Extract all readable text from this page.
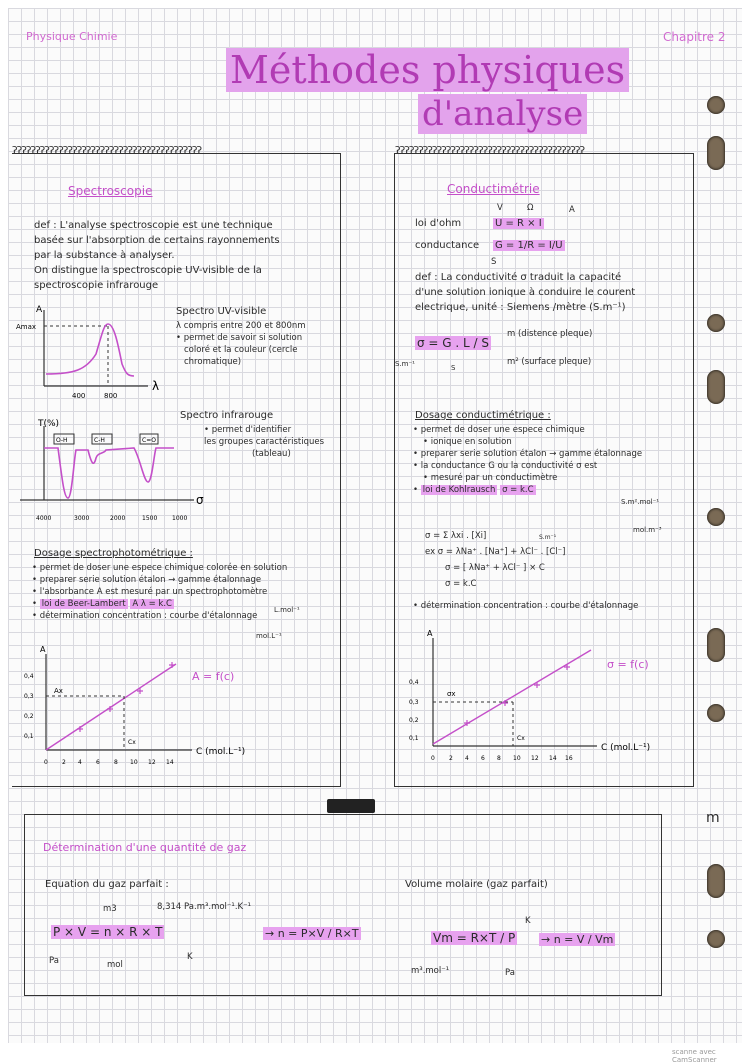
Physique Chimie	Chapitre 2
Méthodes physiques
d'analyse
m
ʔʔʔʔʔʔʔʔʔʔʔʔʔʔʔʔʔʔʔʔʔʔʔʔʔʔʔʔʔʔʔʔʔʔʔʔʔʔʔʔʔ
Spectroscopie
def : L'analyse spectroscopie est une technique
basée sur l'absorption de certains rayonnements
par la substance à analyser.
On distingue la spectroscopie UV-visible de la
spectroscopie infrarouge
A
Amax
λ
400	800
Spectro UV-visible
λ compris entre 200 et 800nm
• permet de savoir si solution
coloré et la couleur (cercle
chromatique)
O-H	C-H	C=O
T(%)
σ
4000	3000	2000	1500 1000
Spectro infrarouge
• permet d'identifier
les groupes caractéristiques
(tableau)
Dosage spectrophotométrique :
• permet de doser une espece chimique colorée en solution
• preparer serie solution étalon → gamme étalonnage
• l'absorbance A est mesuré par un spectrophotomètre
• loi de Beer-Lambert A λ = k.C
• détermination concentration : courbe d'étalonnage
L.mol⁻¹
mol.L⁻¹
A
Ax
Cx
A = f(c)
C (mol.L⁻¹)
0,4
0,3
0,2
0,1
0 2 4 6 8 10 12 14
ʔʔʔʔʔʔʔʔʔʔʔʔʔʔʔʔʔʔʔʔʔʔʔʔʔʔʔʔʔʔʔʔʔʔʔʔʔʔʔʔʔ
Conductimétrie
loi d'ohm	U = R × I
V	Ω	A
conductance G = 1/R = I/U
S
def : La conductivité σ traduit la capacité
d'une solution ionique à conduire le courent
electrique, unité : Siemens /mètre (S.m⁻¹)
σ = G . L / S
m (distence pleque)
m² (surface pleque)
S.m⁻¹	S
Dosage conductimétrique :
• permet de doser une espece chimique
• ionique en solution
• preparer serie solution étalon → gamme étalonnage
• la conductance G ou la conductivité σ est
• mesuré par un conductimètre
• loi de Kohlrausch σ = k.C
S.m².mol⁻¹
mol.m⁻³
σ = Σ λxi . [Xi]	S.m⁻¹
ex σ = λNa⁺ . [Na⁺] + λCl⁻ . [Cl⁻]
σ = [ λNa⁺ + λCl⁻ ] × C
σ = k.C
• détermination concentration : courbe d'étalonnage
A
σx
Cx
σ = f(c)
C (mol.L⁻¹)
0,4
0,3
0,2
0,1
0 2 4 6 8 10 12 14 16
Détermination d'une quantité de gaz
Equation du gaz parfait :
m3	8,314 Pa.m³.mol⁻¹.K⁻¹
P × V = n × R × T
Pa	mol
K
→ n = P×V / R×T
Volume molaire (gaz parfait)
K
Vm = R×T / P → n = V / Vm
m³.mol⁻¹	Pa
scanne avec CamScanner
